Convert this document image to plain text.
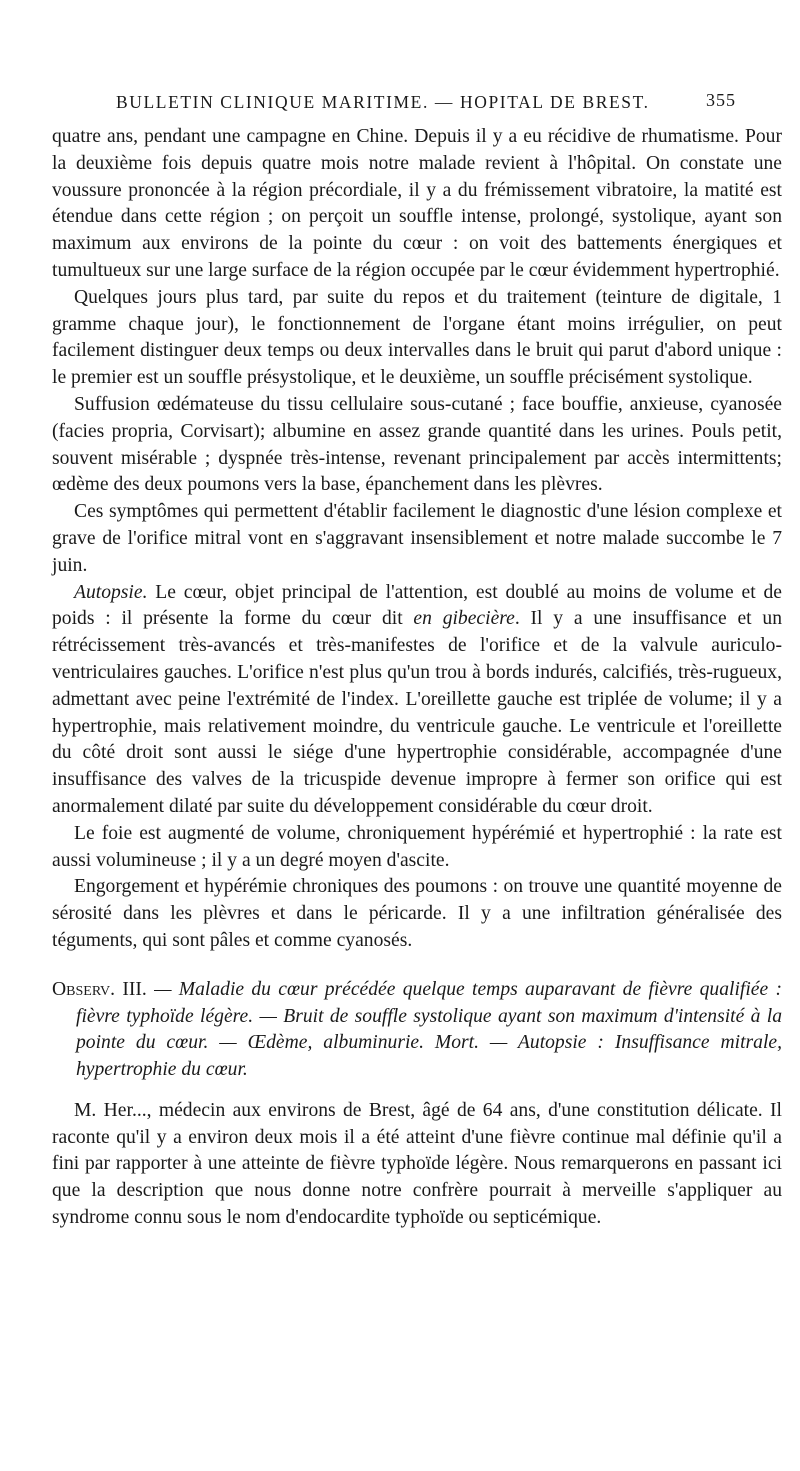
BULLETIN CLINIQUE MARITIME. — HOPITAL DE BREST.	355

quatre ans, pendant une campagne en Chine. Depuis il y a eu récidive de rhumatisme. Pour la deuxième fois depuis quatre mois notre malade revient à l'hôpital. On constate une voussure prononcée à la région précordiale, il y a du frémissement vibratoire, la matité est étendue dans cette région ; on perçoit un souffle intense, prolongé, systolique, ayant son maximum aux environs de la pointe du cœur : on voit des battements énergiques et tumultueux sur une large surface de la région occupée par le cœur évidemment hypertrophié.

Quelques jours plus tard, par suite du repos et du traitement (teinture de digitale, 1 gramme chaque jour), le fonctionnement de l'organe étant moins irrégulier, on peut facilement distinguer deux temps ou deux intervalles dans le bruit qui parut d'abord unique : le premier est un souffle présystolique, et le deuxième, un souffle précisément systolique.

Suffusion œdémateuse du tissu cellulaire sous-cutané ; face bouffie, anxieuse, cyanosée (facies propria, Corvisart); albumine en assez grande quantité dans les urines. Pouls petit, souvent misérable ; dyspnée très-intense, revenant principalement par accès intermittents; œdème des deux poumons vers la base, épanchement dans les plèvres.

Ces symptômes qui permettent d'établir facilement le diagnostic d'une lésion complexe et grave de l'orifice mitral vont en s'aggravant insensiblement et notre malade succombe le 7 juin.

Autopsie. Le cœur, objet principal de l'attention, est doublé au moins de volume et de poids : il présente la forme du cœur dit en gibecière. Il y a une insuffisance et un rétrécissement très-avancés et très-manifestes de l'orifice et de la valvule auriculo-ventriculaires gauches. L'orifice n'est plus qu'un trou à bords indurés, calcifiés, très-rugueux, admettant avec peine l'extrémité de l'index. L'oreillette gauche est triplée de volume; il y a hypertrophie, mais relativement moindre, du ventricule gauche. Le ventricule et l'oreillette du côté droit sont aussi le siége d'une hypertrophie considérable, accompagnée d'une insuffisance des valves de la tricuspide devenue impropre à fermer son orifice qui est anormalement dilaté par suite du développement considérable du cœur droit.

Le foie est augmenté de volume, chroniquement hypérémié et hypertrophié : la rate est aussi volumineuse ; il y a un degré moyen d'ascite.

Engorgement et hypérémie chroniques des poumons : on trouve une quantité moyenne de sérosité dans les plèvres et dans le péricarde. Il y a une infiltration généralisée des téguments, qui sont pâles et comme cyanosés.

Observ. III. — Maladie du cœur précédée quelque temps auparavant de fièvre qualifiée : fièvre typhoïde légère. — Bruit de souffle systolique ayant son maximum d'intensité à la pointe du cœur. — Œdème, albuminurie. Mort. — Autopsie : Insuffisance mitrale, hypertrophie du cœur.

M. Her..., médecin aux environs de Brest, âgé de 64 ans, d'une constitution délicate. Il raconte qu'il y a environ deux mois il a été atteint d'une fièvre continue mal définie qu'il a fini par rapporter à une atteinte de fièvre typhoïde légère. Nous remarquerons en passant ici que la description que nous donne notre confrère pourrait à merveille s'appliquer au syndrome connu sous le nom d'endocardite typhoïde ou septicémique.
